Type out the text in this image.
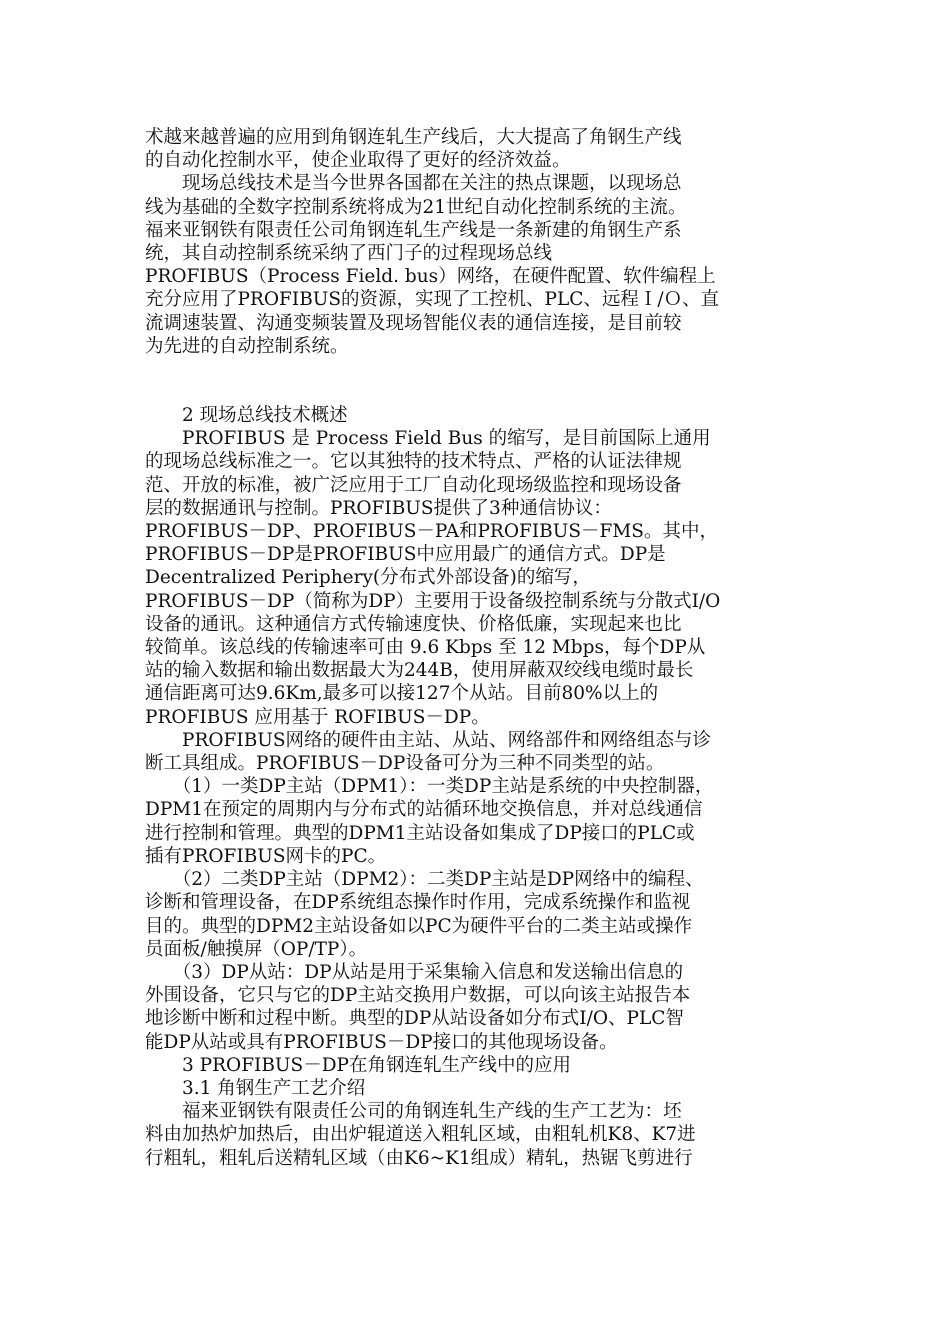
术越来越普遍的应用到角钢连轧生产线后，大大提高了角钢生产线
的自动化控制水平，使企业取得了更好的经济效益。
　　现场总线技术是当今世界各国都在关注的热点课题，以现场总
线为基础的全数字控制系统将成为21世纪自动化控制系统的主流。
福来亚钢铁有限责任公司角钢连轧生产线是一条新建的角钢生产系
统，其自动控制系统采纳了西门子的过程现场总线
PROFIBUS（Process Field. bus）网络，在硬件配置、软件编程上
充分应用了PROFIBUS的资源，实现了工控机、PLC、远程Ｉ/Ｏ、直
流调速装置、沟通变频装置及现场智能仪表的通信连接，是目前较
为先进的自动控制系统。
　　2 现场总线技术概述
　　PROFIBUS 是 Process Field Bus 的缩写，是目前国际上通用
的现场总线标准之一。它以其独特的技术特点、严格的认证法律规
范、开放的标准，被广泛应用于工厂自动化现场级监控和现场设备
层的数据通讯与控制。PROFIBUS提供了3种通信协议：
PROFIBUS－DP、PROFIBUS－PA和PROFIBUS－FMS。其中，
PROFIBUS－DP是PROFIBUS中应用最广的通信方式。DP是
Decentralized Periphery(分布式外部设备)的缩写，
PROFIBUS－DP（简称为DP）主要用于设备级控制系统与分散式I/O
设备的通讯。这种通信方式传输速度快、价格低廉，实现起来也比
较简单。该总线的传输速率可由 9.6 Kbps 至 12 Mbps，每个DP从
站的输入数据和输出数据最大为244B，使用屏蔽双绞线电缆时最长
通信距离可达9.6Km,最多可以接127个从站。目前80%以上的
PROFIBUS 应用基于 ROFIBUS－DP。
　　PROFIBUS网络的硬件由主站、从站、网络部件和网络组态与诊
断工具组成。PROFIBUS－DP设备可分为三种不同类型的站。
　　（1）一类DP主站（DPM1）：一类DP主站是系统的中央控制器，
DPM1在预定的周期内与分布式的站循环地交换信息，并对总线通信
进行控制和管理。典型的DPM1主站设备如集成了DP接口的PLC或
插有PROFIBUS网卡的PC。
　　（2）二类DP主站（DPM2）：二类DP主站是DP网络中的编程、
诊断和管理设备，在DP系统组态操作时作用，完成系统操作和监视
目的。典型的DPM2主站设备如以PC为硬件平台的二类主站或操作
员面板/触摸屏（OP/TP）。
　　（3）DP从站：DP从站是用于采集输入信息和发送输出信息的
外围设备，它只与它的DP主站交换用户数据，可以向该主站报告本
地诊断中断和过程中断。典型的DP从站设备如分布式I/O、PLC智
能DP从站或具有PROFIBUS－DP接口的其他现场设备。
　　3 PROFIBUS－DP在角钢连轧生产线中的应用
　　3.1 角钢生产工艺介绍
　　福来亚钢铁有限责任公司的角钢连轧生产线的生产工艺为：坯
料由加热炉加热后，由出炉辊道送入粗轧区域，由粗轧机K8、K7进
行粗轧，粗轧后送精轧区域（由K6~K1组成）精轧，热锯飞剪进行
